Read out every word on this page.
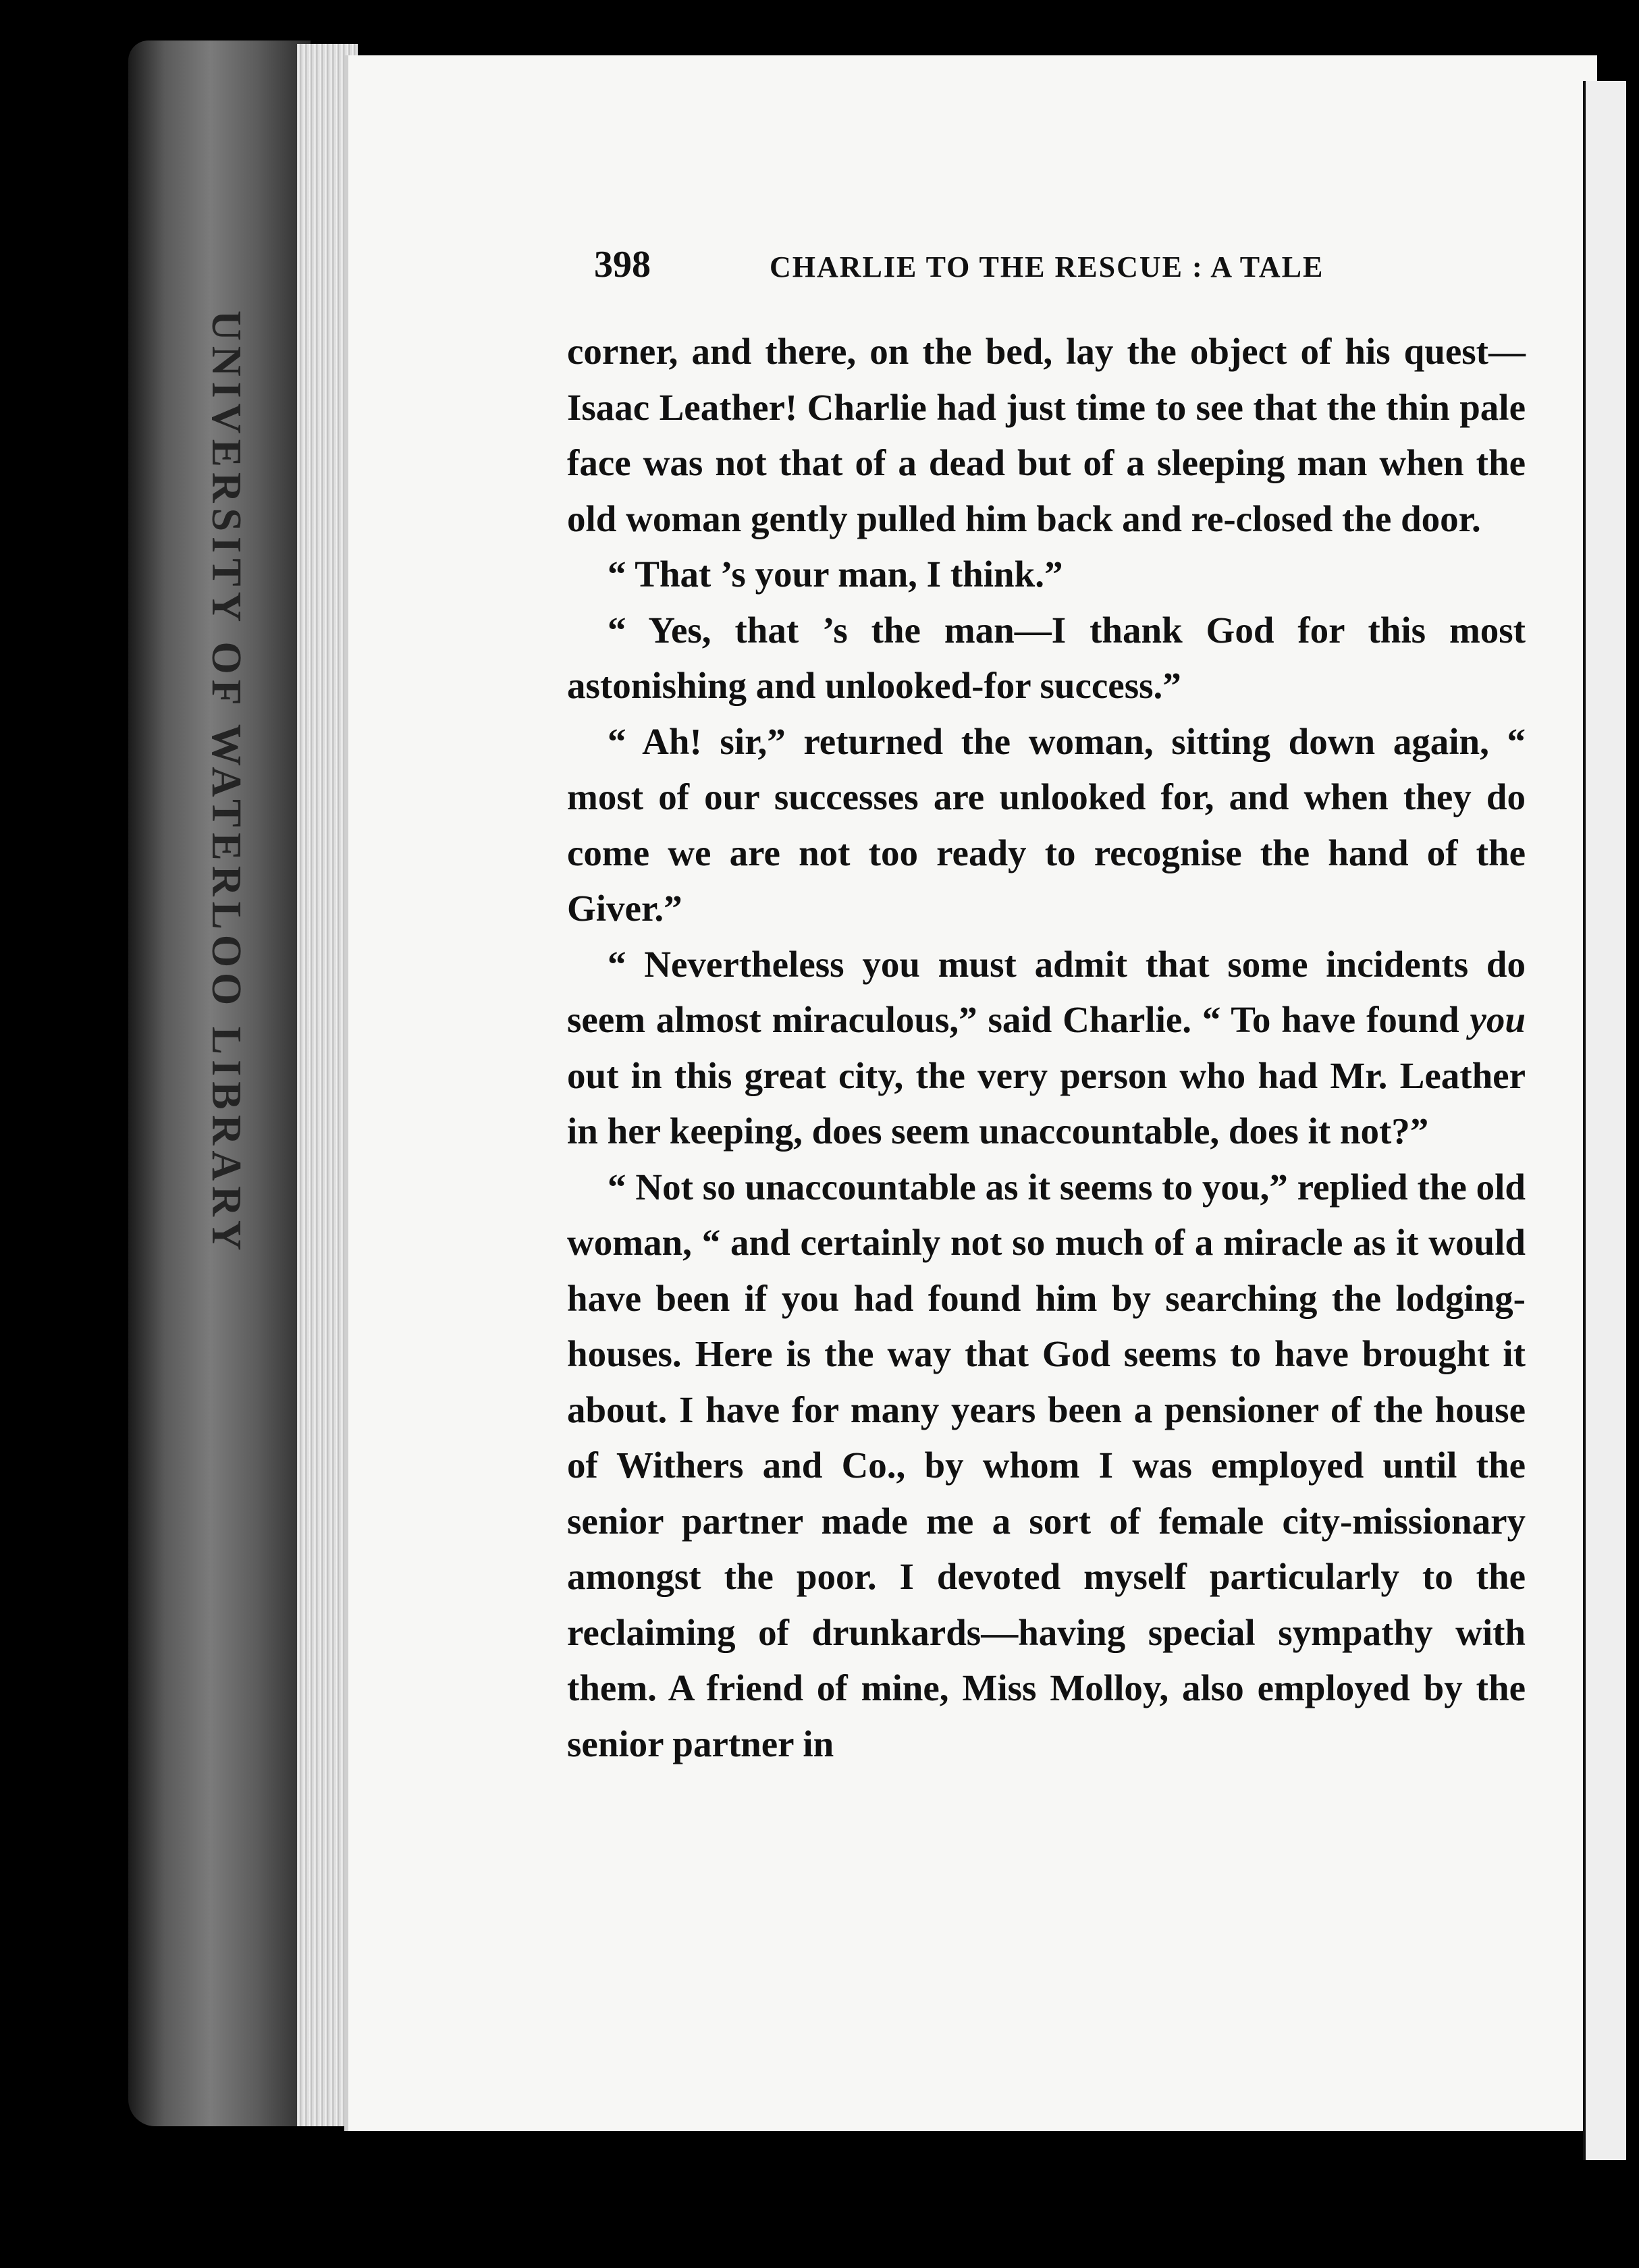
UNIVERSITY OF WATERLOO LIBRARY
398	CHARLIE TO THE RESCUE : A TALE

corner, and there, on the bed, lay the object of his quest—Isaac Leather! Charlie had just time to see that the thin pale face was not that of a dead but of a sleeping man when the old woman gently pulled him back and re-closed the door.

“ That ’s your man, I think.”

“ Yes, that ’s the man—I thank God for this most astonishing and unlooked-for success.”

“ Ah! sir,” returned the woman, sitting down again, “ most of our successes are unlooked for, and when they do come we are not too ready to recognise the hand of the Giver.”

“ Nevertheless you must admit that some incidents do seem almost miraculous,” said Charlie. “ To have found you out in this great city, the very person who had Mr. Leather in her keeping, does seem unaccountable, does it not?”

“ Not so unaccountable as it seems to you,” replied the old woman, “ and certainly not so much of a miracle as it would have been if you had found him by searching the lodging-houses. Here is the way that God seems to have brought it about. I have for many years been a pensioner of the house of Withers and Co., by whom I was employed until the senior partner made me a sort of female city-missionary amongst the poor. I devoted myself particularly to the reclaiming of drunkards—having special sympathy with them. A friend of mine, Miss Molloy, also employed by the senior partner in
